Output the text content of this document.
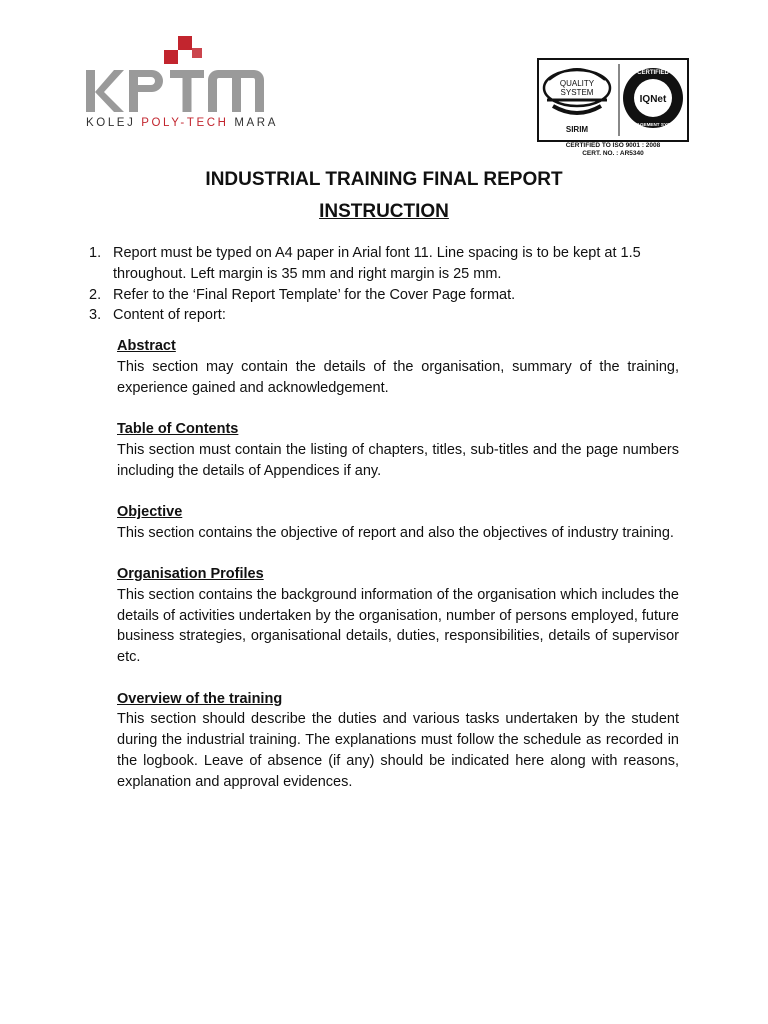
KOLEJ POLY-TECH MARA
QUALITY
SYSTEM
SIRIM
CERTIFIED
IQNet
MANAGEMENT SYSTEM
CERTIFIED TO ISO 9001 : 2008
CERT. NO. : AR5340
INDUSTRIAL TRAINING FINAL REPORT
INSTRUCTION
1. Report must be typed on A4 paper in Arial font 11. Line spacing is to be kept at 1.5 throughout. Left margin is 35 mm and right margin is 25 mm.
2. Refer to the ‘Final Report Template’ for the Cover Page format.
3. Content of report:
Abstract

This section may contain the details of the organisation, summary of the training, experience gained and acknowledgement.

Table of Contents

This section must contain the listing of chapters, titles, sub-titles and the page numbers including the details of Appendices if any.

Objective

This section contains the objective of report and also the objectives of industry training.

Organisation Profiles

This section contains the background information of the organisation which includes the details of activities undertaken by the organisation, number of persons employed, future business strategies, organisational details, duties, responsibilities, details of supervisor etc.

Overview of the training

This section should describe the duties and various tasks undertaken by the student during the industrial training. The explanations must follow the schedule as recorded in the logbook. Leave of absence (if any) should be indicated here along with reasons, explanation and approval evidences.
